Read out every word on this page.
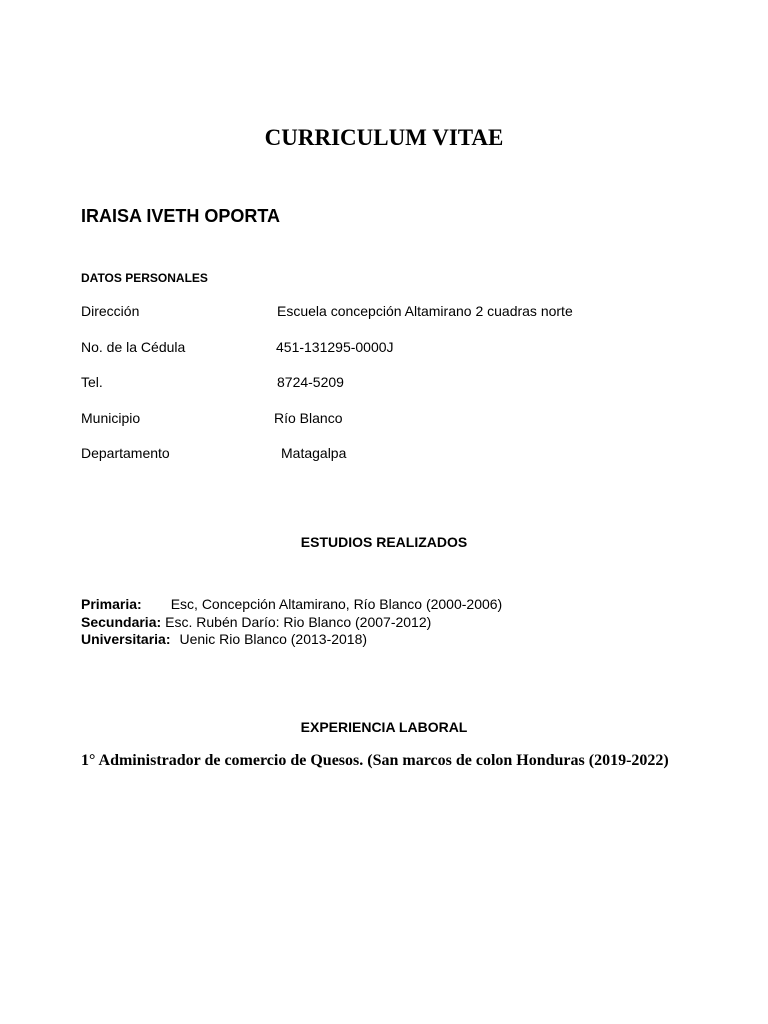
CURRICULUM VITAE
IRAISA IVETH OPORTA
DATOS PERSONALES
Dirección	Escuela concepción Altamirano 2 cuadras norte
No. de la Cédula	451-131295-0000J
Tel.	8724-5209
Municipio	Río Blanco
Departamento	Matagalpa
ESTUDIOS REALIZADOS
Primaria: Esc, Concepción Altamirano, Río Blanco (2000-2006)
Secundaria: Esc. Rubén Darío: Rio Blanco (2007-2012)
Universitaria: Uenic Rio Blanco (2013-2018)
EXPERIENCIA LABORAL
1° Administrador de comercio de Quesos. (San marcos de colon Honduras (2019-2022)
